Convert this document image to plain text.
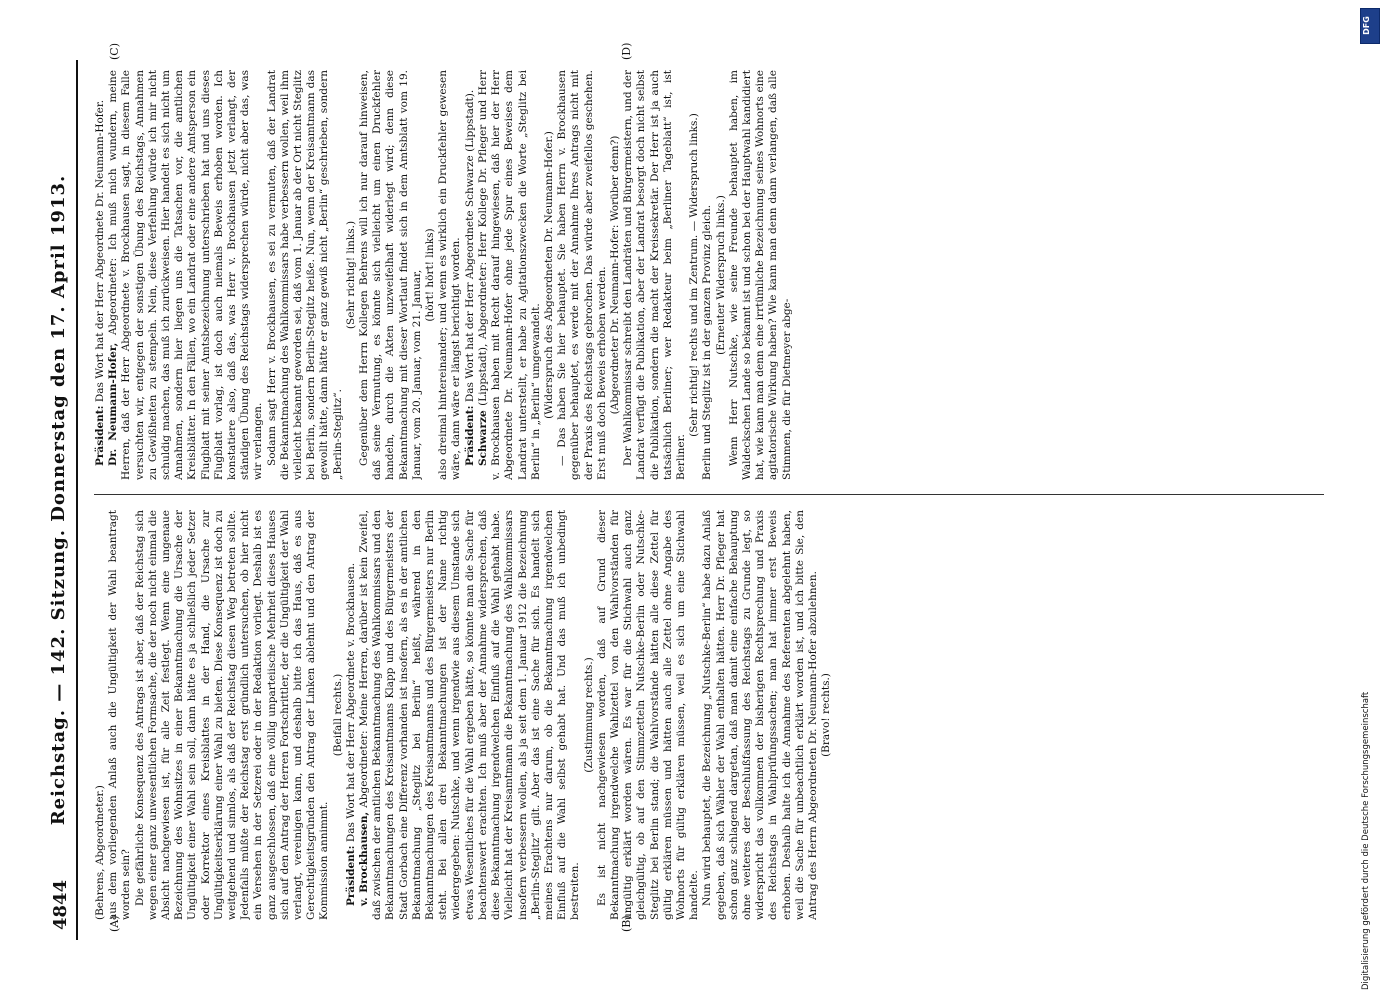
4844
Reichstag. — 142. Sitzung. Donnerstag den 17. April 1913.
(A)	(B)
(C)	(D)

(Behrens, Abgeordneter.) aus dem vorliegenden Anlaß auch die Ungültigkeit der Wahl beantragt worden sein? Die gefährliche Konsequenz des Antrags ist aber, daß der Reichstag sich wegen einer ganz unwesentlichen Formsache, die der noch nicht einmal die Absicht nachgewiesen ist, für alle Zeit festlegt. Wenn eine ungenaue Bezeichnung des Wohnsitzes in einer Bekanntmachung die Ursache der Ungültigkeit einer Wahl sein soll, dann hätte es ja schließlich jeder Setzer oder Korrektor eines Kreisblattes in der Hand, die Ursache zur Ungültigkeitserklärung einer Wahl zu bieten. Diese Konsequenz ist doch zu weitgehend und sinnlos, als daß der Reichstag diesen Weg betreten sollte. Jedenfalls müßte der Reichstag erst gründlich untersuchen, ob hier nicht ein Versehen in der Setzerei oder in der Redaktion vorliegt. Deshalb ist es ganz ausgeschlossen, daß eine völlig unparteiische Mehrheit dieses Hauses sich auf den Antrag der Herren Fortschrittler, der die Ungültigkeit der Wahl verlangt, vereinigen kann, und deshalb bitte ich das Haus, daß es aus Gerechtigkeitsgründen den Antrag der Linken ablehnt und den Antrag der Kommission annimmt.

(Beifall rechts.)

Präsident: Das Wort hat der Herr Abgeordnete v. Brockhausen.

v. Brockhausen, Abgeordneter: Meine Herren, darüber ist kein Zweifel, daß zwischen der amtlichen Bekanntmachung des Wahlkommissars und den Bekanntmachungen des Kreisamtmanns Klapp und des Bürgermeisters der Stadt Gorbach eine Differenz vorhanden ist insofern, als es in der amtlichen Bekanntmachung „Steglitz bei Berlin“ heißt, während in den Bekanntmachungen des Kreisamtmanns und des Bürgermeisters nur Berlin steht. Bei allen drei Bekanntmachungen ist der Name richtig wiedergegeben: Nutschke, und wenn irgendwie aus diesem Umstande sich etwas Wesentliches für die Wahl ergeben hätte, so könnte man die Sache für beachtenswert erachten. Ich muß aber der Annahme widersprechen, daß diese Bekanntmachung irgendwelchen Einfluß auf die Wahl gehabt habe. Vielleicht hat der Kreisamtmann die Bekanntmachung des Wahlkommissars insofern verbessern wollen, als ja seit dem 1. Januar 1912 die Bezeichnung „Berlin-Steglitz“ gilt. Aber das ist eine Sache für sich. Es handelt sich meines Erachtens nur darum, ob die Bekanntmachung irgendwelchen Einfluß auf die Wahl selbst gehabt hat. Und das muß ich unbedingt bestreiten.

(Zustimmung rechts.) Es ist nicht nachgewiesen worden, daß auf Grund dieser Bekanntmachung irgendwelche Wahlzettel von den Wahlvorständen für ungültig erklärt worden wären. Es war für die Stichwahl auch ganz gleichgültig, ob auf den Stimmzetteln Nutschke-Berlin oder Nutschke-Steglitz bei Berlin stand; die Wahlvorstände hätten alle diese Zettel für gültig erklären müssen und hätten auch alle Zettel ohne Angabe des Wohnorts für gültig erklären müssen, weil es sich um eine Stichwahl handelte. Nun wird behauptet, die Bezeichnung „Nutschke-Berlin“ habe dazu Anlaß gegeben, daß sich Wähler der Wahl enthalten hätten. Herr Dr. Pfleger hat schon ganz schlagend dargetan, daß man damit eine einfache Behauptung ohne weiteres der Beschlußfassung des Reichstags zu Grunde legt, so widerspricht das vollkommen der bisherigen Rechtsprechung und Praxis des Reichstags in Wahlprüfungssachen; man hat immer erst Beweis erhoben. Deshalb halte ich die Annahme des Referenten abgelehnt haben, weil die Sache für unbeachtlich erklärt worden ist, und ich bitte Sie, den Antrag des Herrn Abgeordneten Dr. Neumann-Hofer abzulehnen. (Bravo! rechts.)

Präsident: Das Wort hat der Herr Abgeordnete Dr. Neumann-Hofer.

Dr. Neumann-Hofer, Abgeordneter: Ich muß mich wundern, meine Herren, daß der Herr Abgeordnete v. Brockhausen sagt, in diesem Falle versuchten wir, entgegen der sonstigen Übung des Reichstags, Annahmen zu Gewißheiten zu stempeln. Nein, diese Verfehlung würde ich mir nicht schuldig machen, das muß ich zurückweisen. Hier handelt es sich nicht um Annahmen, sondern hier liegen uns die Tatsachen vor, die amtlichen Kreisblätter. In den Fällen, wo ein Landrat oder eine andere Amtsperson ein Flugblatt mit seiner Amtsbezeichnung unterschrieben hat und uns dieses Flugblatt vorlag, ist doch auch niemals Beweis erhoben worden. Ich konstatiere also, daß das, was Herr v. Brockhausen jetzt verlangt, der ständigen Übung des Reichstags widersprechen würde, nicht aber das, was wir verlangen. Sodann sagt Herr v. Brockhausen, es sei zu vermuten, daß der Landrat die Bekanntmachung des Wahlkommissars habe verbessern wollen, weil ihm vielleicht bekannt geworden sei, daß vom 1. Januar ab der Ort nicht Steglitz bei Berlin, sondern Berlin-Steglitz heiße. Nun, wenn der Kreisamtmann das gewollt hätte, dann hätte er ganz gewiß nicht „Berlin“ geschrieben, sondern „Berlin-Steglitz“.

(Sehr richtig! links.) Gegenüber dem Herrn Kollegen Behrens will ich nur darauf hinweisen, daß seine Vermutung, es könnte sich vielleicht um einen Druckfehler handeln, durch die Akten unzweifelhaft widerlegt wird; denn diese Bekanntmachung mit dieser Wortlaut findet sich in dem Amtsblatt vom 19. Januar, vom 20. Januar, vom 21. Januar, (hört! hört! links) also dreimal hintereinander; und wenn es wirklich ein Druckfehler gewesen wäre, dann wäre er längst berichtigt worden. Präsident: Das Wort hat der Herr Abgeordnete Schwarze (Lippstadt).

Schwarze (Lippstadt), Abgeordneter: Herr Kollege Dr. Pfleger und Herr v. Brockhausen haben mit Recht darauf hingewiesen, daß hier der Herr Abgeordnete Dr. Neumann-Hofer ohne jede Spur eines Beweises dem Landrat unterstellt, er habe zu Agitationszwecken die Worte „Steglitz bei Berlin“ in „Berlin“ umgewandelt. (Widerspruch des Abgeordneten Dr. Neumann-Hofer.) — Das haben Sie hier behauptet. Sie haben Herrn v. Brockhausen gegenüber behauptet, es werde mit der Annahme Ihres Antrags nicht mit der Praxis des Reichstags gebrochen. Das würde aber zweifellos geschehen. Erst muß doch Beweis erhoben werden. (Abgeordneter Dr. Neumann-Hofer: Worüber denn?) Der Wahlkommissar schreibt den Landräten und Bürgermeistern, und der Landrat verfügt die Publikation, aber der Landrat besorgt doch nicht selbst die Publikation, sondern die macht der Kreissekretär. Der Herr ist ja auch tatsächlich Berliner; wer Redakteur beim „Berliner Tageblatt“ ist, ist Berliner.

(Sehr richtig! rechts und im Zentrum. — Widerspruch links.) Berlin und Steglitz ist in der ganzen Provinz gleich. (Erneuter Widerspruch links.) Wenn Herr Nutschke, wie seine Freunde behauptet haben, im Waldeckschen Lande so bekannt ist und schon bei der Hauptwahl kandidiert hat, wie kann man denn eine irrtümliche Bezeichnung seines Wohnorts eine agitatorische Wirkung haben? Wie kann man denn dann verlangen, daß alle Stimmen, die für Dietmeyer abge-

DFG
Digitalisierung gefördert durch die Deutsche Forschungsgemeinschaft
